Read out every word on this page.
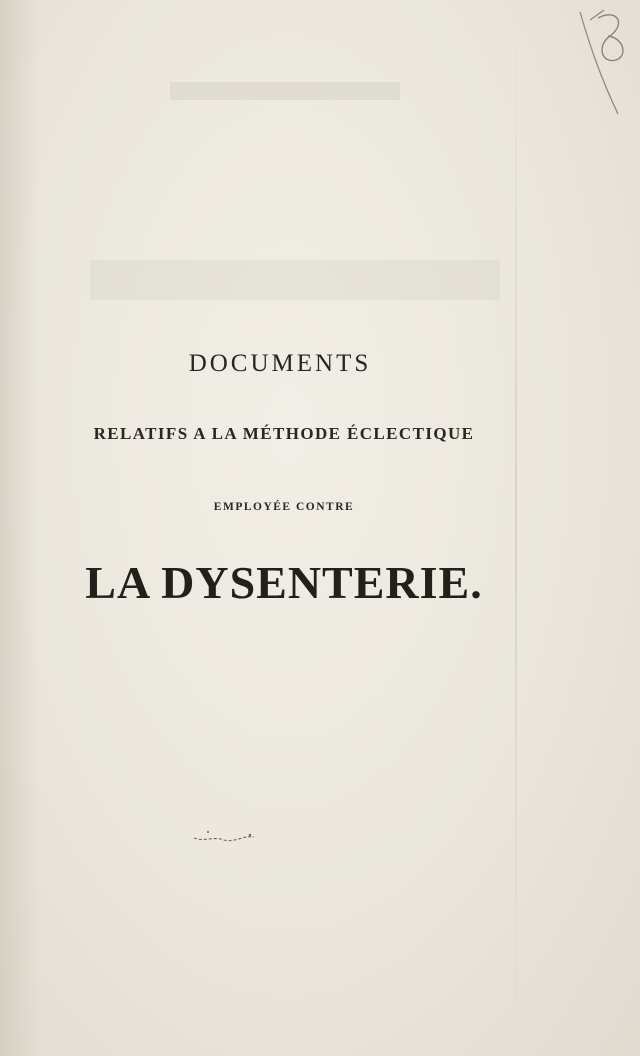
DOCUMENTS
RELATIFS A LA MÉTHODE ÉCLECTIQUE

EMPLOYÉE CONTRE

LA DYSENTERIE.
